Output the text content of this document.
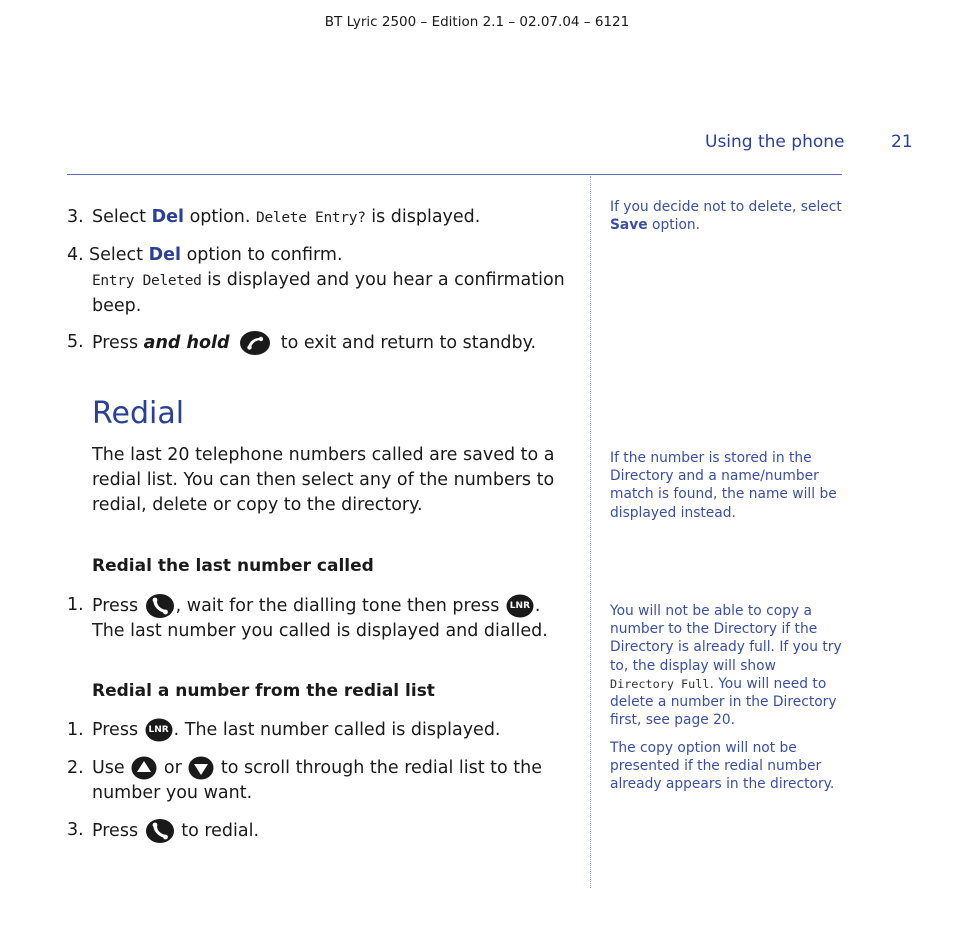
BT Lyric 2500 – Edition 2.1 – 02.07.04 – 6121
Using the phone	21
3. Select Del option. Delete Entry? is displayed.
4. Select Del option to confirm.
Entry Deleted is displayed and you hear a confirmation
beep.
5. Press and hold	to exit and return to standby.
Redial
The last 20 telephone numbers called are saved to a
redial list. You can then select any of the numbers to
redial, delete or copy to the directory.
Redial the last number called
1. Press , wait for the dialling tone then press	LNR .
The last number you called is displayed and dialled.
Redial a number from the redial list
1. Press	LNR . The last number called is displayed.
2. Use or to scroll through the redial list to the
number you want.
3. Press to redial.
If you decide not to delete, select
Save option.
If the number is stored in the
Directory and a name/number
match is found, the name will be
displayed instead.
You will not be able to copy a
number to the Directory if the
Directory is already full. If you try
to, the display will show
Directory Full. You will need to
delete a number in the Directory
first, see page 20.
The copy option will not be
presented if the redial number
already appears in the directory.
